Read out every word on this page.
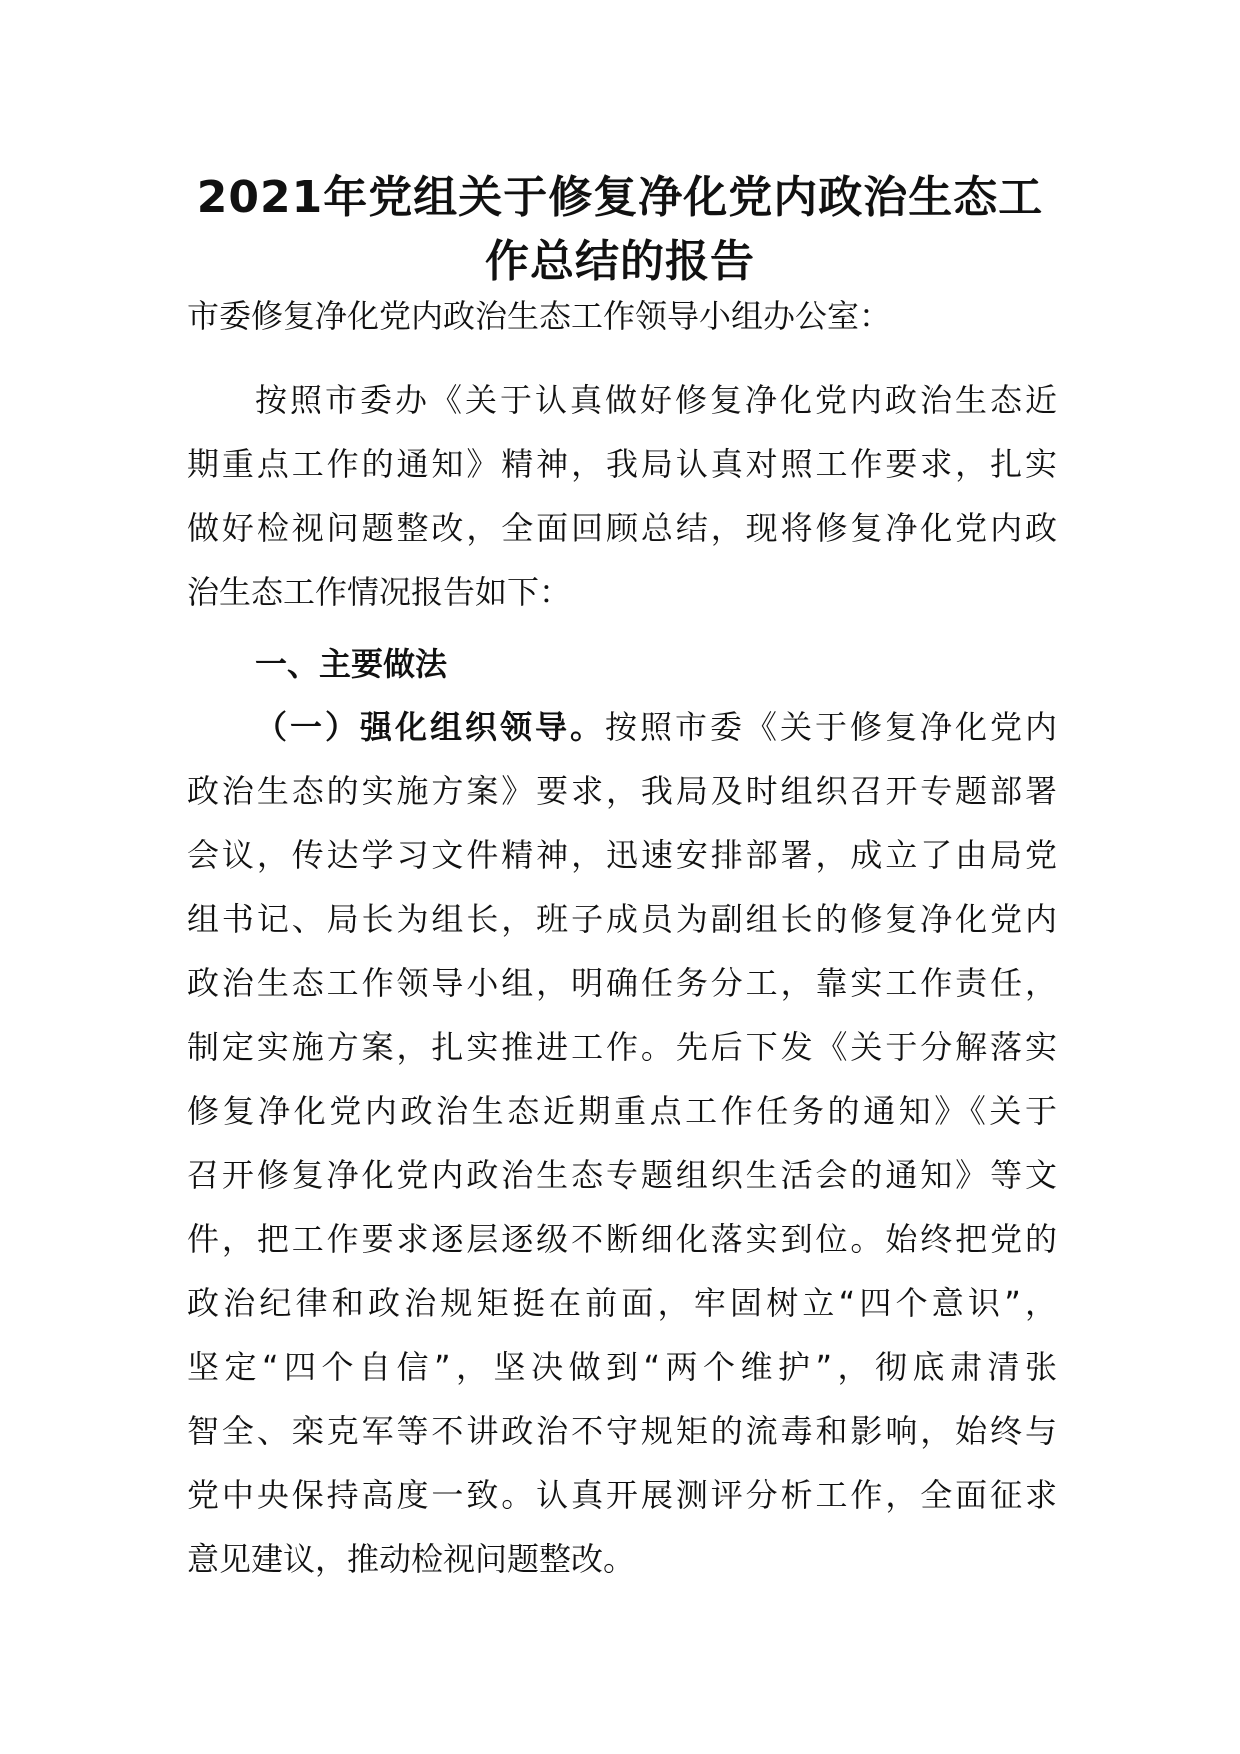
2021年党组关于修复净化党内政治生态工
作总结的报告

市委修复净化党内政治生态工作领导小组办公室：

按照市委办《关于认真做好修复净化党内政治生态近
期重点工作的通知》精神，我局认真对照工作要求，扎实
做好检视问题整改，全面回顾总结，现将修复净化党内政
治生态工作情况报告如下：
一、主要做法
（一）强化组织领导。按照市委《关于修复净化党内
政治生态的实施方案》要求，我局及时组织召开专题部署
会议，传达学习文件精神，迅速安排部署，成立了由局党
组书记、局长为组长，班子成员为副组长的修复净化党内
政治生态工作领导小组，明确任务分工，靠实工作责任，
制定实施方案，扎实推进工作。先后下发《关于分解落实
修复净化党内政治生态近期重点工作任务的通知》《关于
召开修复净化党内政治生态专题组织生活会的通知》等文
件，把工作要求逐层逐级不断细化落实到位。始终把党的
政治纪律和政治规矩挺在前面，牢固树立“四个意识”，
坚定“四个自信”，坚决做到“两个维护”，彻底肃清张
智全、栾克军等不讲政治不守规矩的流毒和影响，始终与
党中央保持高度一致。认真开展测评分析工作，全面征求
意见建议，推动检视问题整改。
